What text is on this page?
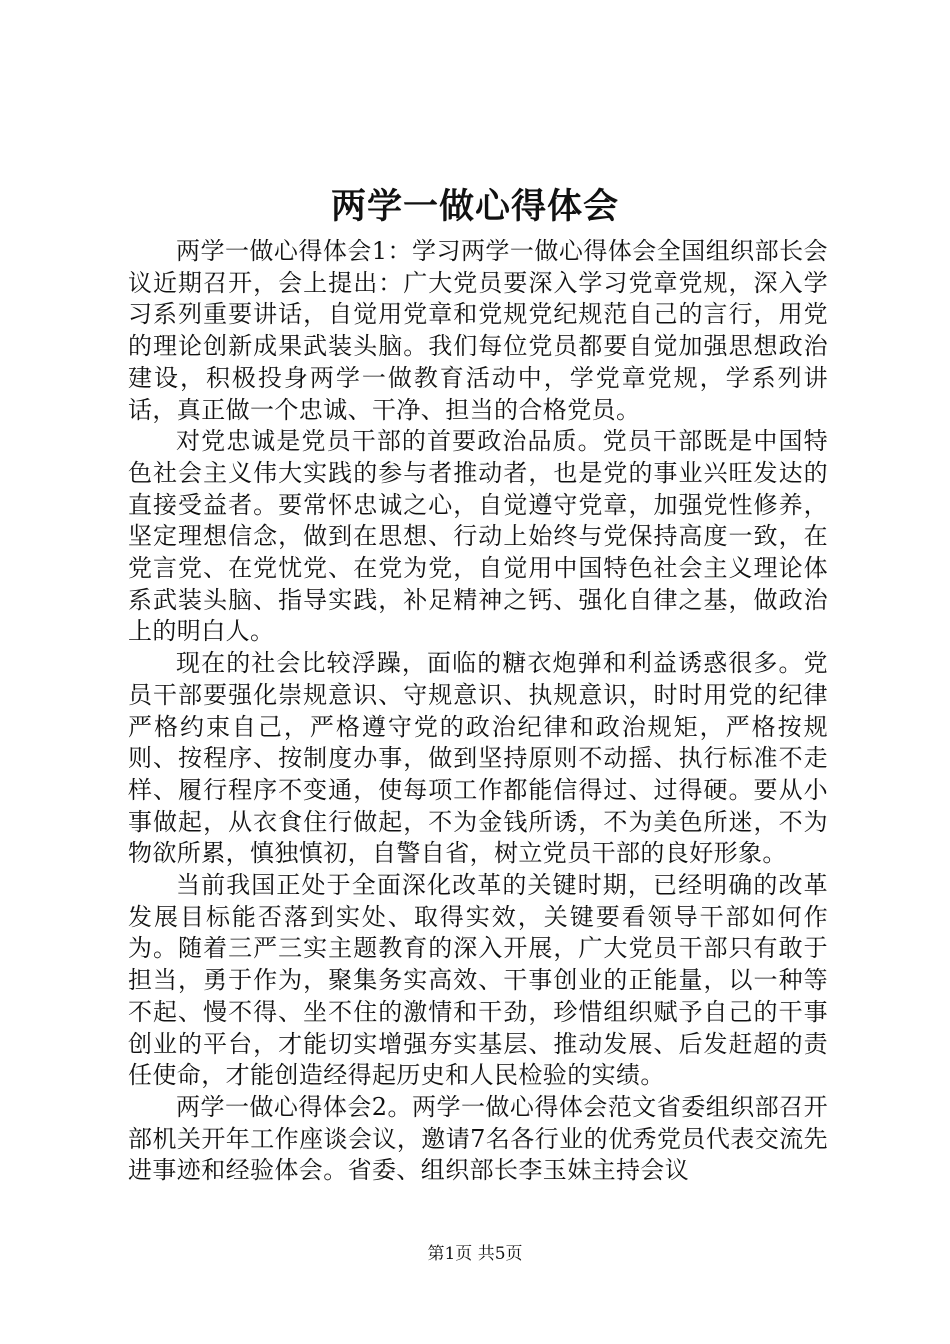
两学一做心得体会

两学一做心得体会1：学习两学一做心得体会全国组织部长会议近期召开，会上提出：广大党员要深入学习党章党规，深入学习系列重要讲话，自觉用党章和党规党纪规范自己的言行，用党的理论创新成果武装头脑。我们每位党员都要自觉加强思想政治建设，积极投身两学一做教育活动中，学党章党规，学系列讲话，真正做一个忠诚、干净、担当的合格党员。

对党忠诚是党员干部的首要政治品质。党员干部既是中国特色社会主义伟大实践的参与者推动者，也是党的事业兴旺发达的直接受益者。要常怀忠诚之心，自觉遵守党章，加强党性修养，坚定理想信念，做到在思想、行动上始终与党保持高度一致，在党言党、在党忧党、在党为党，自觉用中国特色社会主义理论体系武装头脑、指导实践，补足精神之钙、强化自律之基，做政治上的明白人。

现在的社会比较浮躁，面临的糖衣炮弹和利益诱惑很多。党员干部要强化崇规意识、守规意识、执规意识，时时用党的纪律严格约束自己，严格遵守党的政治纪律和政治规矩，严格按规则、按程序、按制度办事，做到坚持原则不动摇、执行标准不走样、履行程序不变通，使每项工作都能信得过、过得硬。要从小事做起，从衣食住行做起，不为金钱所诱，不为美色所迷，不为物欲所累，慎独慎初，自警自省，树立党员干部的良好形象。

当前我国正处于全面深化改革的关键时期，已经明确的改革发展目标能否落到实处、取得实效，关键要看领导干部如何作为。随着三严三实主题教育的深入开展，广大党员干部只有敢于担当，勇于作为，聚集务实高效、干事创业的正能量，以一种等不起、慢不得、坐不住的激情和干劲，珍惜组织赋予自己的干事创业的平台，才能切实增强夯实基层、推动发展、后发赶超的责任使命，才能创造经得起历史和人民检验的实绩。

两学一做心得体会2。两学一做心得体会范文省委组织部召开部机关开年工作座谈会议，邀请7名各行业的优秀党员代表交流先进事迹和经验体会。省委、组织部长李玉妹主持会议

第1页 共5页
